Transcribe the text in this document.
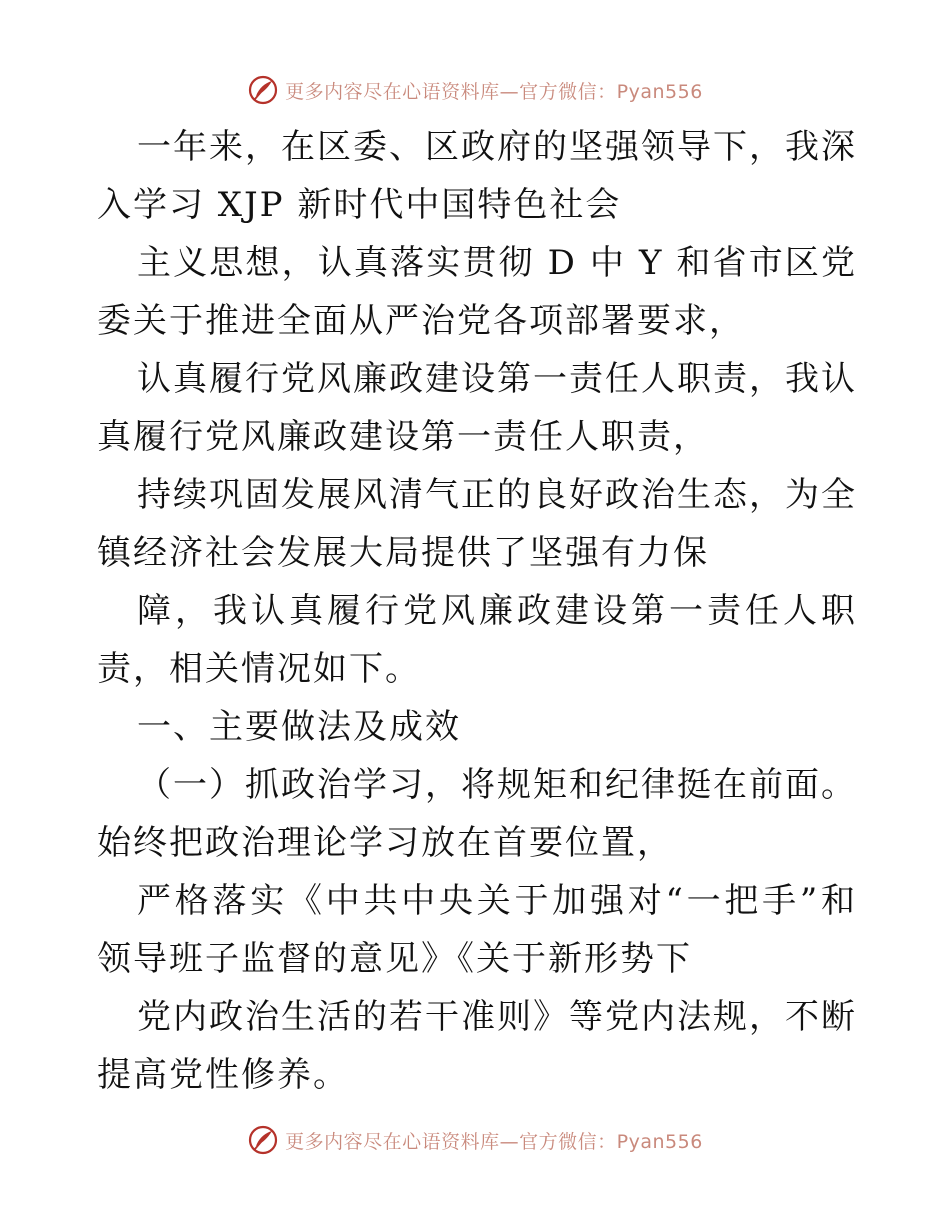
更多内容尽在心语资料库—官方微信：Pyan556

一年来，在区委、区政府的坚强领导下，我深入学习 XJP 新时代中国特色社会

主义思想，认真落实贯彻 D 中 Y 和省市区党委关于推进全面从严治党各项部署要求，

认真履行党风廉政建设第一责任人职责，我认真履行党风廉政建设第一责任人职责，

持续巩固发展风清气正的良好政治生态，为全镇经济社会发展大局提供了坚强有力保

障，我认真履行党风廉政建设第一责任人职责，相关情况如下。

一、主要做法及成效

（一）抓政治学习，将规矩和纪律挺在前面。始终把政治理论学习放在首要位置，

严格落实《中共中央关于加强对“一把手”和领导班子监督的意见》《关于新形势下

党内政治生活的若干准则》等党内法规，不断提高党性修养。

更多内容尽在心语资料库—官方微信：Pyan556
